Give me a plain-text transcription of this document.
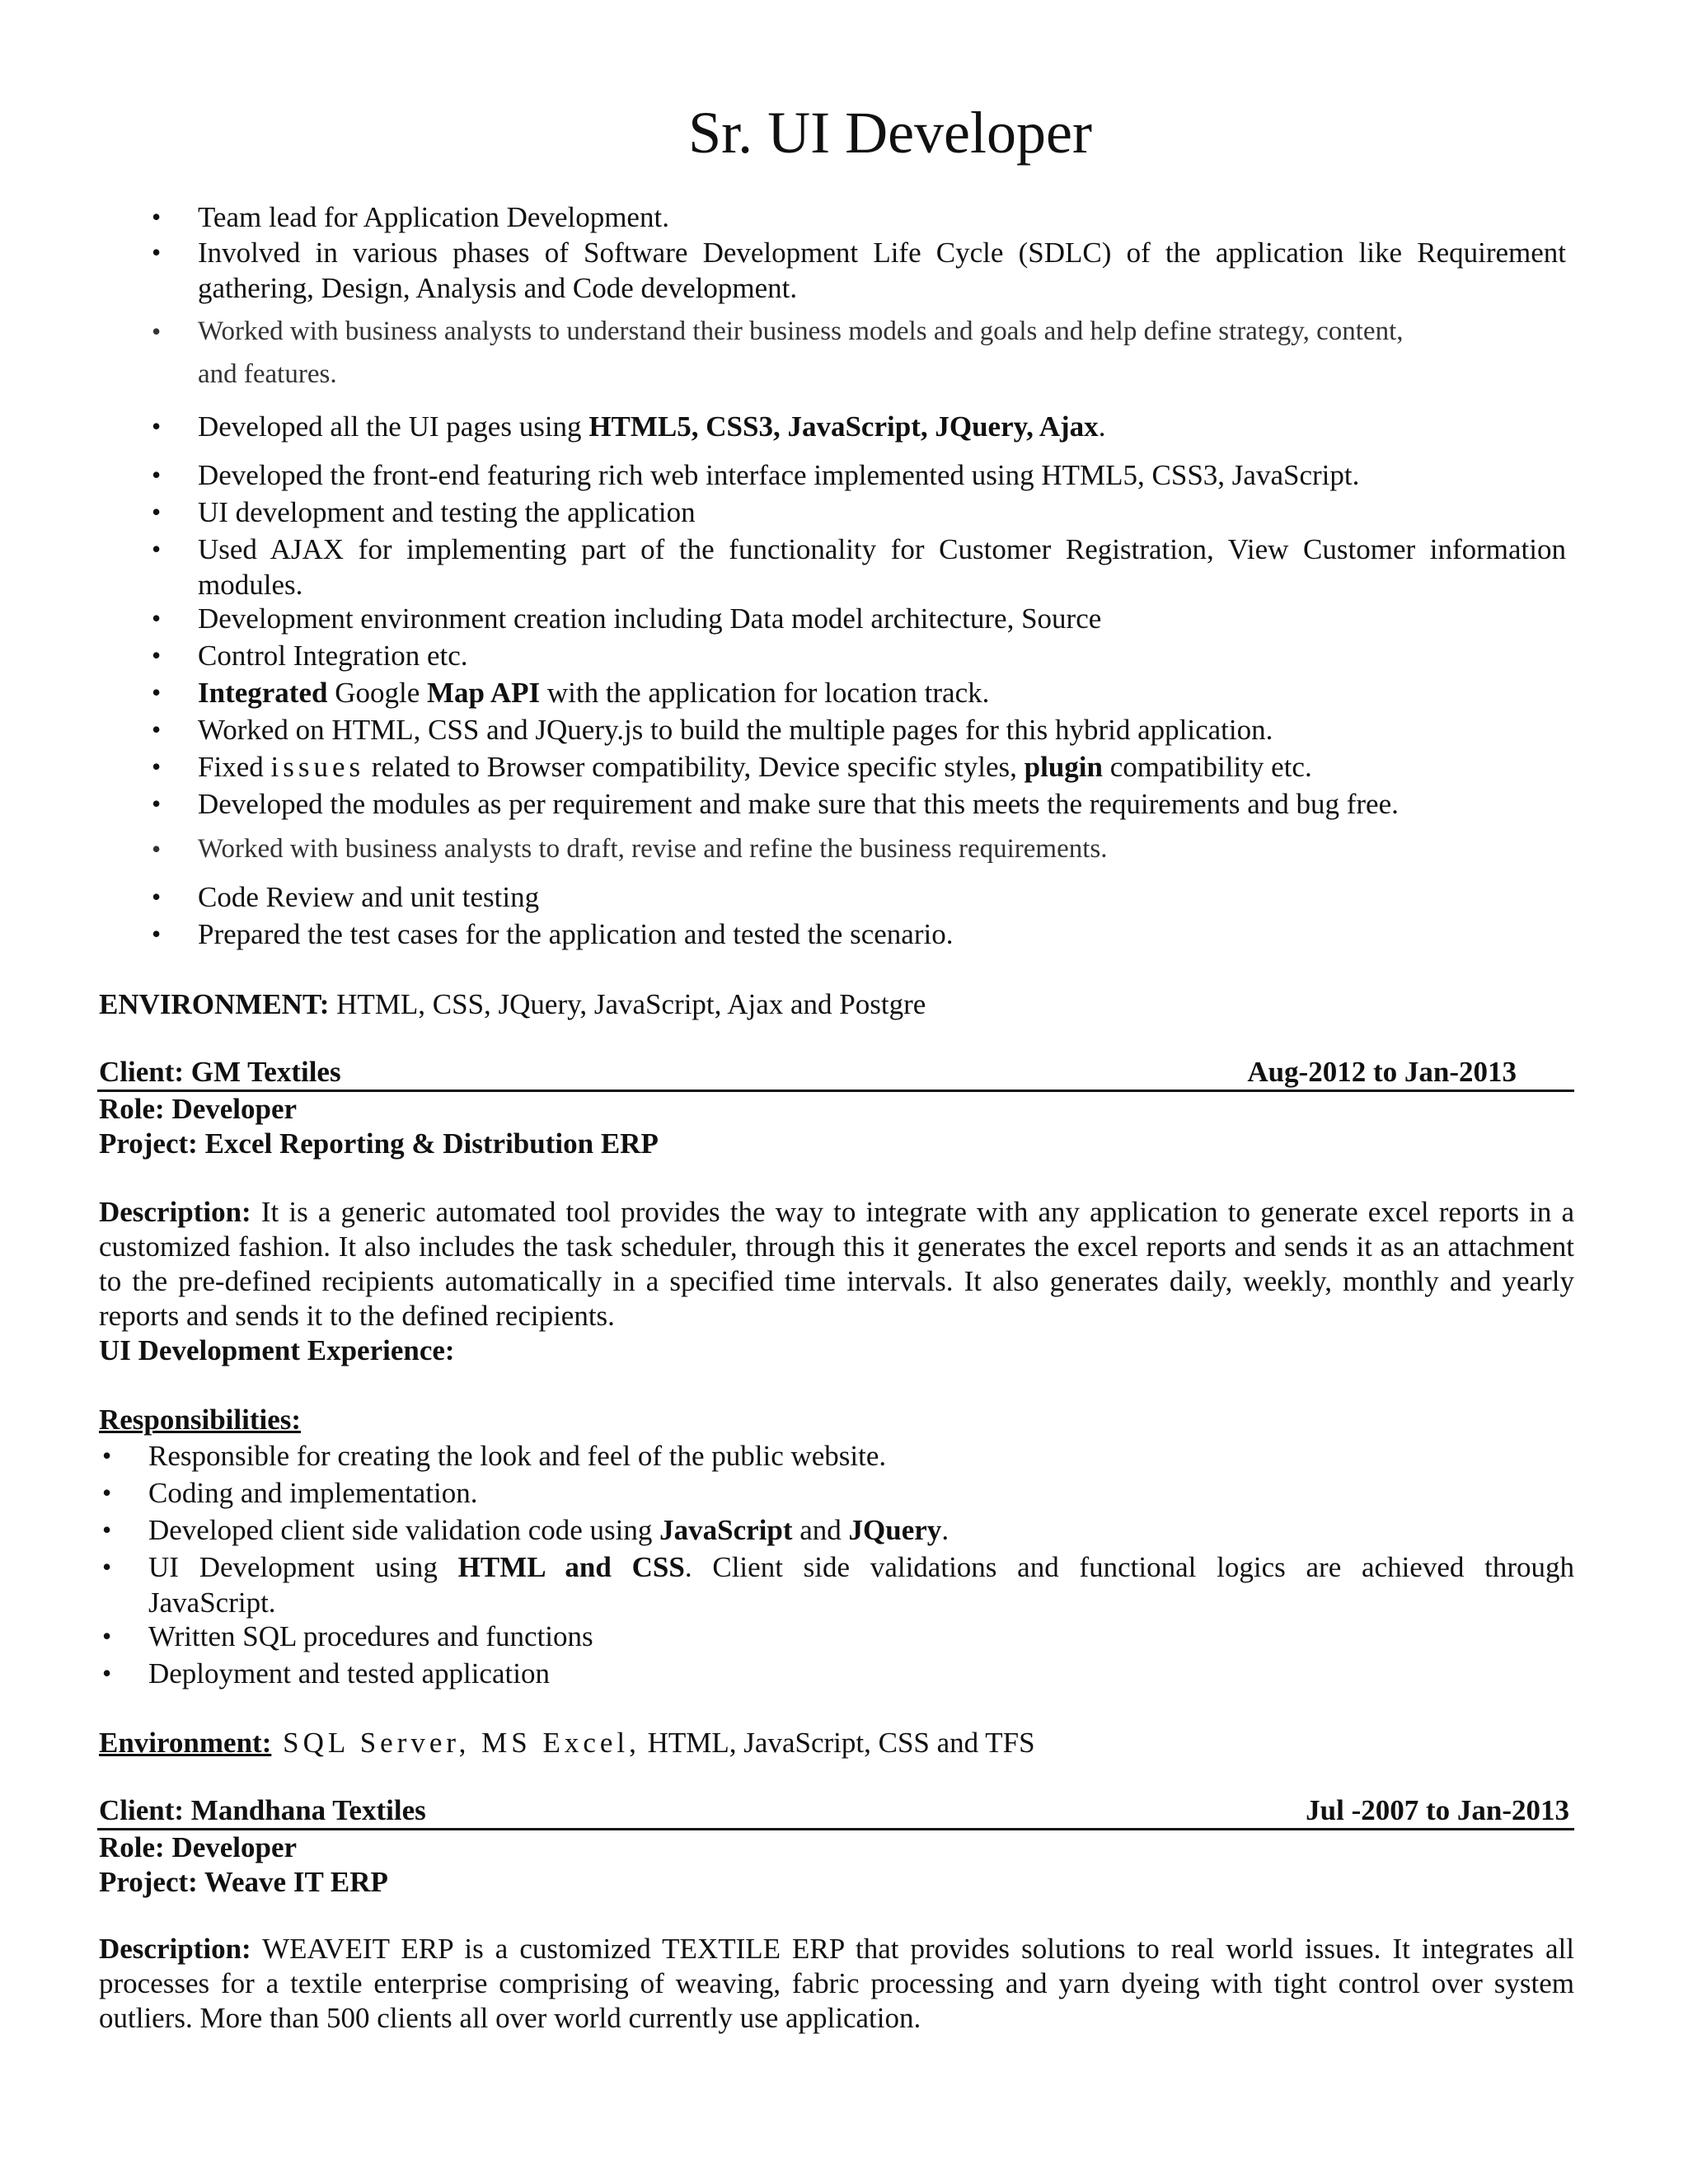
Sr. UI Developer
• Team lead for Application Development.
• Involved in various phases of Software Development Life Cycle (SDLC) of the application like Requirement
gathering, Design, Analysis and Code development.
• Worked with business analysts to understand their business models and goals and help define strategy, content,
and features.
• Developed all the UI pages using HTML5, CSS3, JavaScript, JQuery, Ajax.
• Developed the front-end featuring rich web interface implemented using HTML5, CSS3, JavaScript.
• UI development and testing the application
• Used AJAX for implementing part of the functionality for Customer Registration, View Customer information
modules.
• Development environment creation including Data model architecture, Source
• Control Integration etc.
• Integrated Google Map API with the application for location track.
• Worked on HTML, CSS and JQuery.js to build the multiple pages for this hybrid application.
• Fixed issues related to Browser compatibility, Device specific styles, plugin compatibility etc.
• Developed the modules as per requirement and make sure that this meets the requirements and bug free.
• Worked with business analysts to draft, revise and refine the business requirements.
• Code Review and unit testing
• Prepared the test cases for the application and tested the scenario.
ENVIRONMENT: HTML, CSS, JQuery, JavaScript, Ajax and Postgre
Client: GM Textiles	Aug-2012 to Jan-2013
Role: Developer
Project: Excel Reporting & Distribution ERP
Description: It is a generic automated tool provides the way to integrate with any application to generate excel reports in a customized fashion. It also includes the task scheduler, through this it generates the excel reports and sends it as an attachment to the pre-defined recipients automatically in a specified time intervals. It also generates daily, weekly, monthly and yearly reports and sends it to the defined recipients.
UI Development Experience:
Responsibilities:
• Responsible for creating the look and feel of the public website.
• Coding and implementation.
• Developed client side validation code using JavaScript and JQuery.
• UI Development using HTML and CSS. Client side validations and functional logics are achieved through
JavaScript.
• Written SQL procedures and functions
• Deployment and tested application
Environment: SQL Server, MS Excel, HTML, JavaScript, CSS and TFS
Client: Mandhana Textiles	Jul -2007 to Jan-2013
Role: Developer
Project: Weave IT ERP
Description: WEAVEIT ERP is a customized TEXTILE ERP that provides solutions to real world issues. It integrates all processes for a textile enterprise comprising of weaving, fabric processing and yarn dyeing with tight control over system outliers. More than 500 clients all over world currently use application.
